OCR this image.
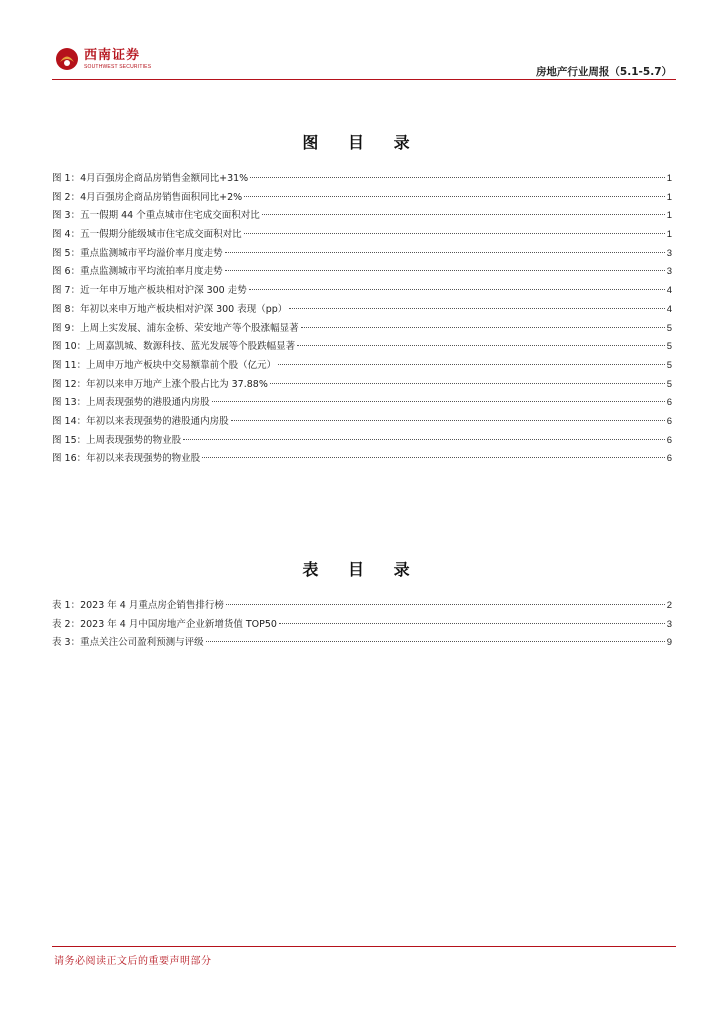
西南证券
SOUTHWEST SECURITIES	房地产行业周报（5.1-5.7）
图 目 录
图 1：4月百强房企商品房销售金额同比+31%	1
图 2：4月百强房企商品房销售面积同比+2%	1
图 3：五一假期 44 个重点城市住宅成交面积对比	1
图 4：五一假期分能级城市住宅成交面积对比	1
图 5：重点监测城市平均溢价率月度走势	3
图 6：重点监测城市平均流拍率月度走势	3
图 7：近一年申万地产板块相对沪深 300 走势	4
图 8：年初以来申万地产板块相对沪深 300 表现（pp）	4
图 9：上周上实发展、浦东金桥、荣安地产等个股涨幅显著	5
图 10：上周嘉凯城、数源科技、蓝光发展等个股跌幅显著	5
图 11：上周申万地产板块中交易额靠前个股（亿元）	5
图 12：年初以来申万地产上涨个股占比为 37.88%	5
图 13：上周表现强势的港股通内房股	6
图 14：年初以来表现强势的港股通内房股	6
图 15：上周表现强势的物业股	6
图 16：年初以来表现强势的物业股	6
表 目 录
表 1：2023 年 4 月重点房企销售排行榜	2
表 2：2023 年 4 月中国房地产企业新增货值 TOP50	3
表 3：重点关注公司盈利预测与评级	9
请务必阅读正文后的重要声明部分
